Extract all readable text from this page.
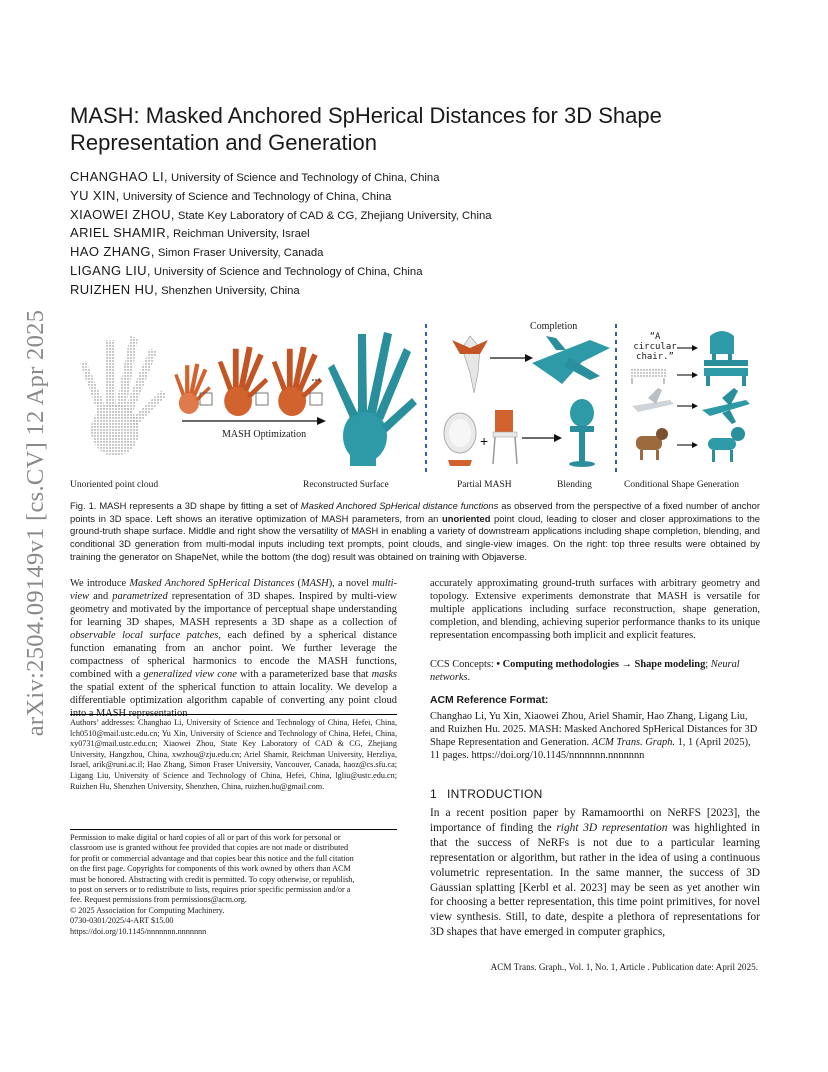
arXiv:2504.09149v1 [cs.CV] 12 Apr 2025
MASH: Masked Anchored SpHerical Distances for 3D Shape Representation and Generation
CHANGHAO LI, University of Science and Technology of China, China
YU XIN, University of Science and Technology of China, China
XIAOWEI ZHOU, State Key Laboratory of CAD & CG, Zhejiang University, China
ARIEL SHAMIR, Reichman University, Israel
HAO ZHANG, Simon Fraser University, Canada
LIGANG LIU, University of Science and Technology of China, China
RUIZHEN HU, Shenzhen University, China
+
MASH Optimization
Completion
“A circular chair.”
Unoriented point cloud	Reconstructed Surface	Partial MASH	Blending	Conditional Shape Generation

Fig. 1. MASH represents a 3D shape by fitting a set of Masked Anchored SpHerical distance functions as observed from the perspective of a fixed number of anchor points in 3D space. Left shows an iterative optimization of MASH parameters, from an unoriented point cloud, leading to closer and closer approximations to the ground-truth shape surface. Middle and right show the versatility of MASH in enabling a variety of downstream applications including shape completion, blending, and conditional 3D generation from multi-modal inputs including text prompts, point clouds, and single-view images. On the right: top three results were obtained by training the generator on ShapeNet, while the bottom (the dog) result was obtained on training with Objaverse.

We introduce Masked Anchored SpHerical Distances (MASH), a novel multi-view and parametrized representation of 3D shapes. Inspired by multi-view geometry and motivated by the importance of perceptual shape understanding for learning 3D shapes, MASH represents a 3D shape as a collection of observable local surface patches, each defined by a spherical distance function emanating from an anchor point. We further leverage the compactness of spherical harmonics to encode the MASH functions, combined with a generalized view cone with a parameterized base that masks the spatial extent of the spherical function to attain locality. We develop a differentiable optimization algorithm capable of converting any point cloud into a MASH representation

accurately approximating ground-truth surfaces with arbitrary geometry and topology. Extensive experiments demonstrate that MASH is versatile for multiple applications including surface reconstruction, shape generation, completion, and blending, achieving superior performance thanks to its unique representation encompassing both implicit and explicit features.

CCS Concepts: • Computing methodologies → Shape modeling; Neural networks.
ACM Reference Format:
Changhao Li, Yu Xin, Xiaowei Zhou, Ariel Shamir, Hao Zhang, Ligang Liu, and Ruizhen Hu. 2025. MASH: Masked Anchored SpHerical Distances for 3D Shape Representation and Generation. ACM Trans. Graph. 1, 1 (April 2025), 11 pages. https://doi.org/10.1145/nnnnnnn.nnnnnnn

Authors’ addresses: Changhao Li, University of Science and Technology of China, Hefei, China, lch0510@mail.ustc.edu.cn; Yu Xin, University of Science and Technology of China, Hefei, China, xy0731@mail.ustc.edu.cn; Xiaowei Zhou, State Key Laboratory of CAD & CG, Zhejiang University, Hangzhou, China, xwzhou@zju.edu.cn; Ariel Shamir, Reichman University, Herzliya, Israel, arik@runi.ac.il; Hao Zhang, Simon Fraser University, Vancouver, Canada, haoz@cs.sfu.ca; Ligang Liu, University of Science and Technology of China, Hefei, China, lgliu@ustc.edu.cn; Ruizhen Hu, Shenzhen University, Shenzhen, China, ruizhen.hu@gmail.com.

Permission to make digital or hard copies of all or part of this work for personal or
classroom use is granted without fee provided that copies are not made or distributed
for profit or commercial advantage and that copies bear this notice and the full citation
on the first page. Copyrights for components of this work owned by others than ACM
must be honored. Abstracting with credit is permitted. To copy otherwise, or republish,
to post on servers or to redistribute to lists, requires prior specific permission and/or a
fee. Request permissions from permissions@acm.org.
© 2025 Association for Computing Machinery.
0730-0301/2025/4-ART $15.00
https://doi.org/10.1145/nnnnnnn.nnnnnnn
1 INTRODUCTION

In a recent position paper by Ramamoorthi on NeRFS [2023], the importance of finding the right 3D representation was highlighted in that the success of NeRFs is not due to a particular learning representation or algorithm, but rather in the idea of using a continuous volumetric representation. In the same manner, the success of 3D Gaussian splatting [Kerbl et al. 2023] may be seen as yet another win for choosing a better representation, this time point primitives, for novel view synthesis. Still, to date, despite a plethora of representations for 3D shapes that have emerged in computer graphics,

ACM Trans. Graph., Vol. 1, No. 1, Article . Publication date: April 2025.
